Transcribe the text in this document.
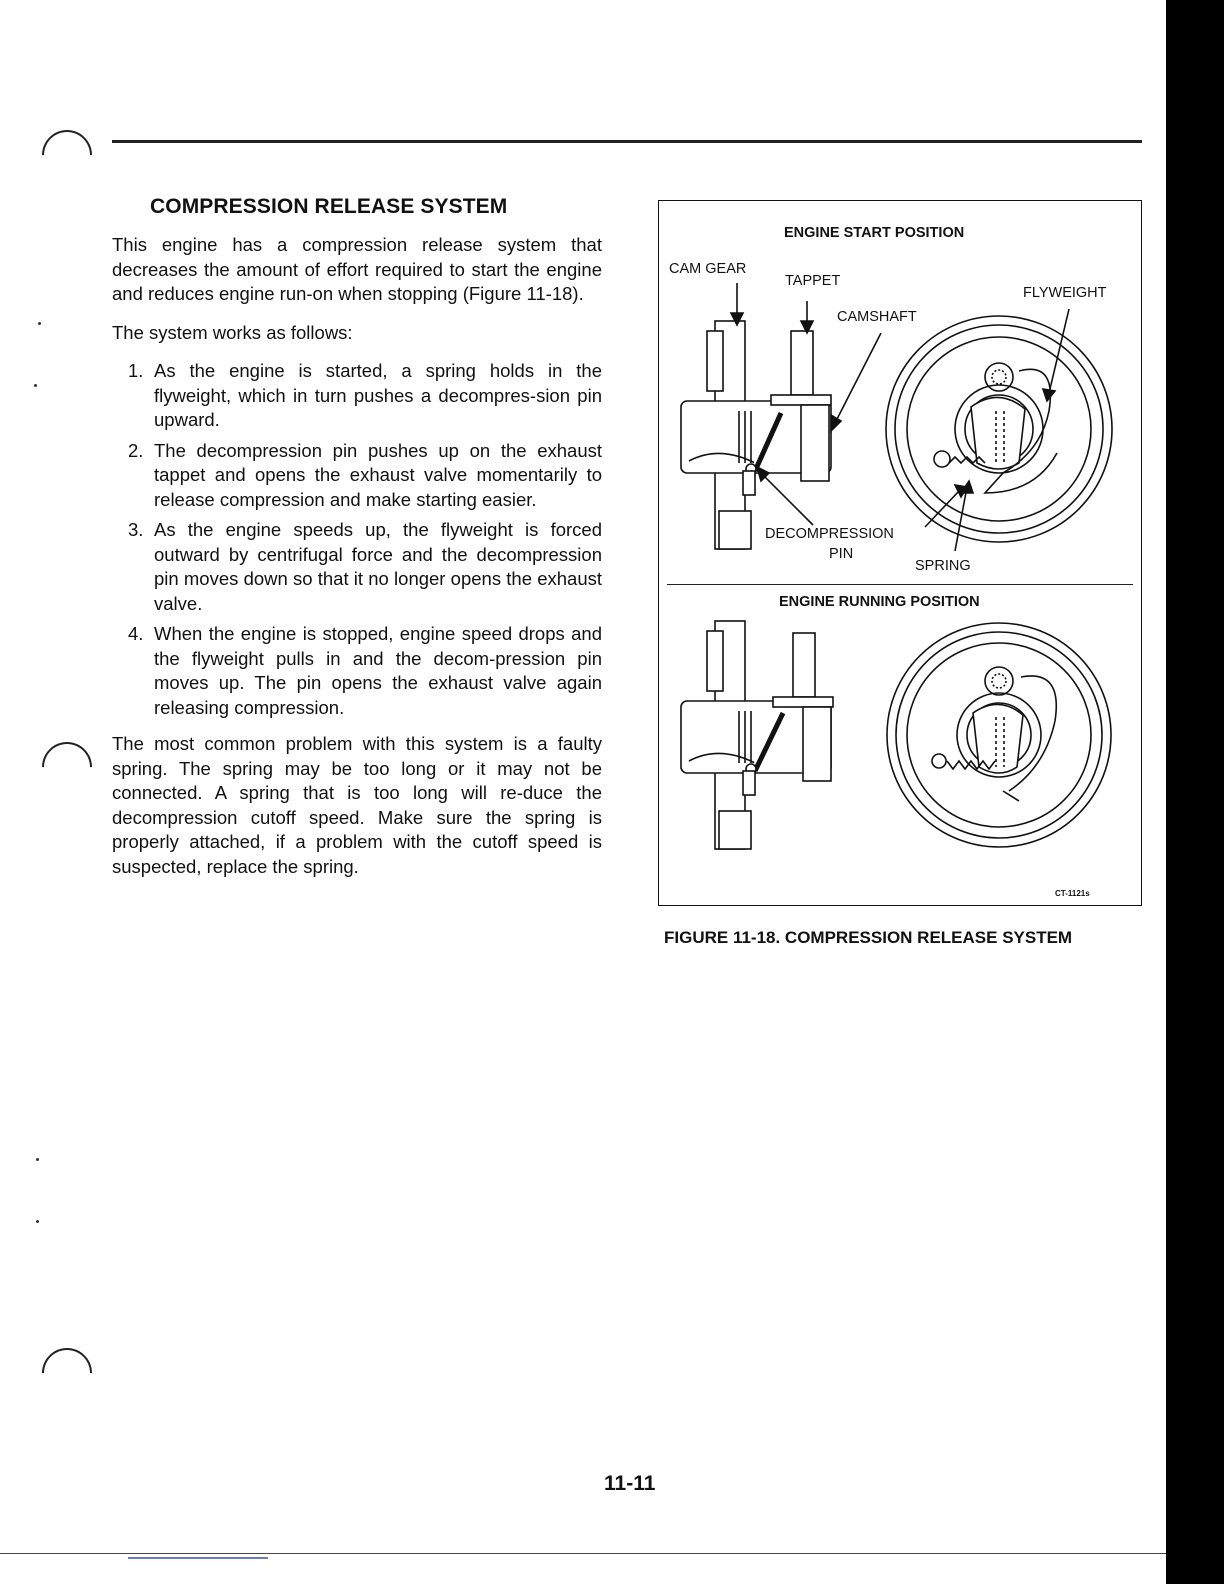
COMPRESSION RELEASE SYSTEM

This engine has a compression release system that decreases the amount of effort required to start the engine and reduces engine run-on when stopping (Figure 11-18).

The system works as follows:

1. As the engine is started, a spring holds in the flyweight, which in turn pushes a decompres-sion pin upward.
2. The decompression pin pushes up on the exhaust tappet and opens the exhaust valve momentarily to release compression and make starting easier.
3. As the engine speeds up, the flyweight is forced outward by centrifugal force and the decompression pin moves down so that it no longer opens the exhaust valve.
4. When the engine is stopped, engine speed drops and the flyweight pulls in and the decom-pression pin moves up. The pin opens the exhaust valve again releasing compression.

The most common problem with this system is a faulty spring. The spring may be too long or it may not be connected. A spring that is too long will re-duce the decompression cutoff speed. Make sure the spring is properly attached, if a problem with the cutoff speed is suspected, replace the spring.

ENGINE START POSITION
CAM GEAR
TAPPET
CAMSHAFT
FLYWEIGHT
DECOMPRESSION
PIN
SPRING
ENGINE RUNNING POSITION
CT-1121s
FIGURE 11-18. COMPRESSION RELEASE SYSTEM
11-11
